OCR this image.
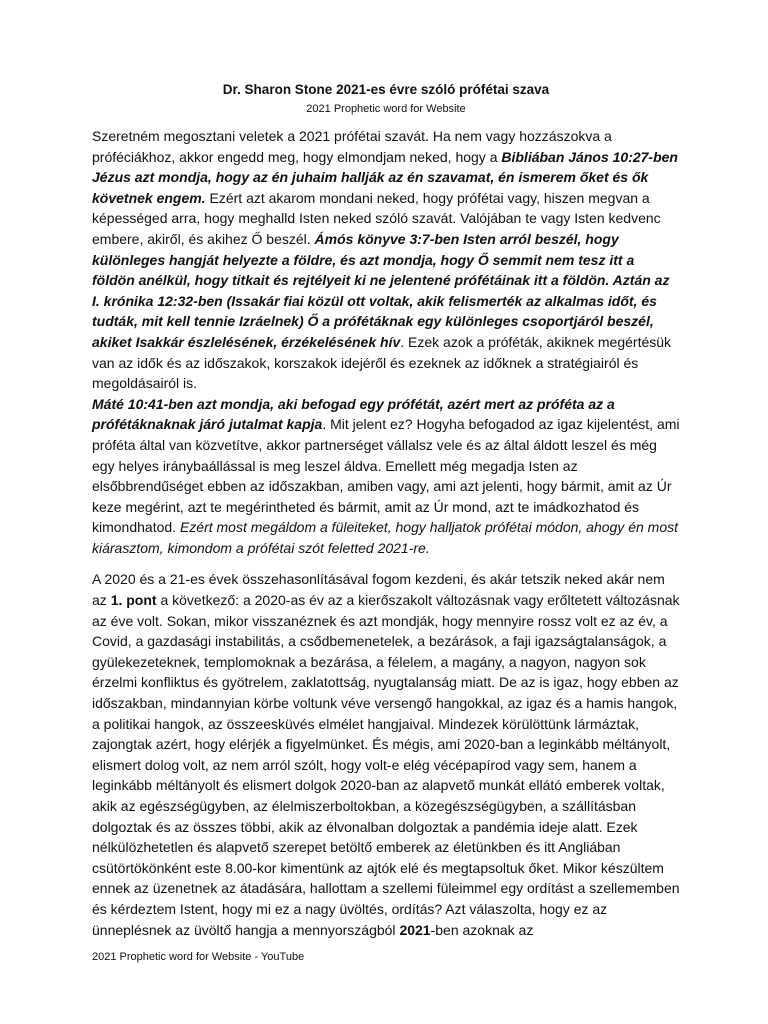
Dr. Sharon Stone 2021-es évre szóló prófétai szava

2021 Prophetic word for Website

Szeretném megosztani veletek a 2021 prófétai szavát. Ha nem vagy hozzászokva a próféciákhoz, akkor engedd meg, hogy elmondjam neked, hogy a Bibliában János 10:27-ben Jézus azt mondja, hogy az én juhaim hallják az én szavamat, én ismerem őket és ők követnek engem. Ezért azt akarom mondani neked, hogy prófétai vagy, hiszen megvan a képességed arra, hogy meghalld Isten neked szóló szavát. Valójában te vagy Isten kedvenc embere, akiről, és akihez Ő beszél. Ámós könyve 3:7-ben Isten arról beszél, hogy különleges hangját helyezte a földre, és azt mondja, hogy Ő semmit nem tesz itt a földön anélkül, hogy titkait és rejtélyeit ki ne jelentené prófétáinak itt a földön. Aztán az I. krónika 12:32-ben (Issakár fiai közül ott voltak, akik felismerték az alkalmas időt, és tudták, mit kell tennie Izráelnek) Ő a prófétáknak egy különleges csoportjáról beszél, akiket Isakkár észlelésének, érzékelésének hív. Ezek azok a próféták, akiknek megértésük van az idők és az időszakok, korszakok idejéről és ezeknek az időknek a stratégiairól és megoldásairól is.

Máté 10:41-ben azt mondja, aki befogad egy prófétát, azért mert az próféta az a prófétáknaknak járó jutalmat kapja. Mit jelent ez? Hogyha befogadod az igaz kijelentést, ami próféta által van közvetítve, akkor partnerséget vállalsz vele és az által áldott leszel és még egy helyes iránybaállással is meg leszel áldva. Emellett még megadja Isten az elsőbbrendűséget ebben az időszakban, amiben vagy, ami azt jelenti, hogy bármit, amit az Úr keze megérint, azt te megérintheted és bármit, amit az Úr mond, azt te imádkozhatod és kimondhatod. Ezért most megáldom a füleiteket, hogy halljatok prófétai módon, ahogy én most kiárasztom, kimondom a prófétai szót feletted 2021-re.

A 2020 és a 21-es évek összehasonlításával fogom kezdeni, és akár tetszik neked akár nem az 1. pont a következő: a 2020-as év az a kierőszakolt változásnak vagy erőltetett változásnak az éve volt. Sokan, mikor visszanéznek és azt mondják, hogy mennyire rossz volt ez az év, a Covid, a gazdasági instabilitás, a csődbemenetelek, a bezárások, a faji igazságtalanságok, a gyülekezeteknek, templomoknak a bezárása, a félelem, a magány, a nagyon, nagyon sok érzelmi konfliktus és gyötrelem, zaklatottság, nyugtalanság miatt. De az is igaz, hogy ebben az időszakban, mindannyian körbe voltunk véve versengő hangokkal, az igaz és a hamis hangok, a politikai hangok, az összeesküvés elmélet hangjaival. Mindezek körülöttünk lármáztak, zajongtak azért, hogy elérjék a figyelmünket. És mégis, ami 2020-ban a leginkább méltányolt, elismert dolog volt, az nem arról szólt, hogy volt-e elég vécépapírod vagy sem, hanem a leginkább méltányolt és elismert dolgok 2020-ban az alapvető munkát ellátó emberek voltak, akik az egészségügyben, az élelmiszerboltokban, a közegészségügyben, a szállításban dolgoztak és az összes többi, akik az élvonalban dolgoztak a pandémia ideje alatt. Ezek nélkülözhetetlen és alapvető szerepet betöltő emberek az életünkben és itt Angliában csütörtökönként este 8.00-kor kimentünk az ajtók elé és megtapsoltuk őket. Mikor készültem ennek az üzenetnek az átadására, hallottam a szellemi füleimmel egy ordítást a szellememben és kérdeztem Istent, hogy mi ez a nagy üvöltés, ordítás? Azt válaszolta, hogy ez az ünneplésnek az üvöltő hangja a mennyországból 2021-ben azoknak az

2021 Prophetic word for Website - YouTube
